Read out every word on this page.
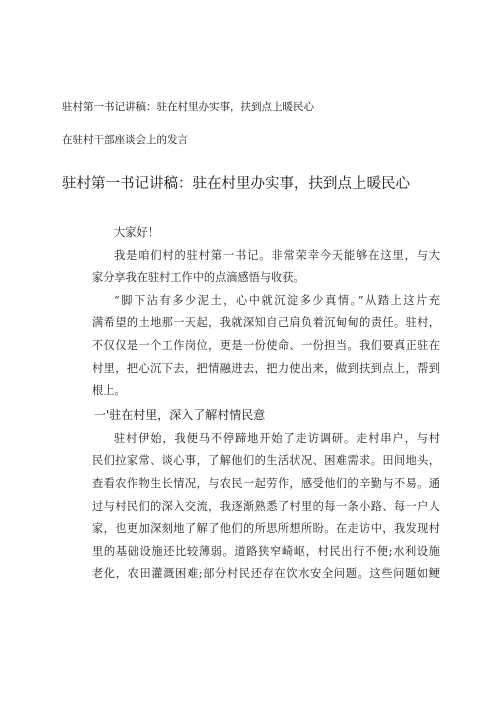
驻村第一书记讲稿：驻在村里办实事，扶到点上暖民心
在驻村干部座谈会上的发言
驻村第一书记讲稿：驻在村里办实事，扶到点上暖民心
大家好！
我是咱们村的驻村第一书记。非常荣幸今天能够在这里，与大
家分享我在驻村工作中的点滴感悟与收获。
“脚下沾有多少泥土，心中就沉淀多少真情。”从踏上这片充
满希望的土地那一天起，我就深知自己肩负着沉甸甸的责任。驻村，
不仅仅是一个工作岗位，更是一份使命、一份担当。我们要真正驻在
村里，把心沉下去，把情融进去，把力使出来，做到扶到点上，帮到
根上。
一'驻在村里，深入了解村情民意
驻村伊始，我便马不停蹄地开始了走访调研。走村串户，与村
民们拉家常、谈心事，了解他们的生活状况、困难需求。田间地头，
查看农作物生长情况，与农民一起劳作，感受他们的辛勤与不易。通
过与村民们的深入交流，我逐渐熟悉了村里的每一条小路、每一户人
家，也更加深刻地了解了他们的所思所想所盼。在走访中，我发现村
里的基础设施还比较薄弱。道路狭窄崎岖，村民出行不便;水利设施
老化，农田灌溉困难;部分村民还存在饮水安全问题。这些问题如鲠
